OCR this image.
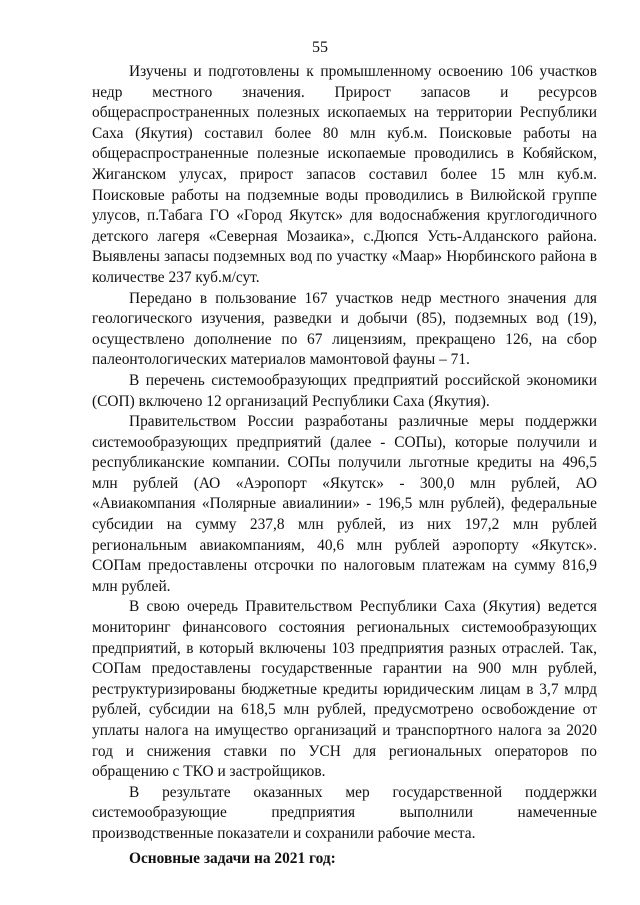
55

Изучены и подготовлены к промышленному освоению 106 участков недр местного значения. Прирост запасов и ресурсов общераспространенных полезных ископаемых на территории Республики Саха (Якутия) составил более 80 млн куб.м. Поисковые работы на общераспространенные полезные ископаемые проводились в Кобяйском, Жиганском улусах, прирост запасов составил более 15 млн куб.м. Поисковые работы на подземные воды проводились в Вилюйской группе улусов, п.Табага ГО «Город Якутск» для водоснабжения круглогодичного детского лагеря «Северная Мозаика», с.Дюпся Усть-Алданского района. Выявлены запасы подземных вод по участку «Маар» Нюрбинского района в количестве 237 куб.м/сут.

Передано в пользование 167 участков недр местного значения для геологического изучения, разведки и добычи (85), подземных вод (19), осуществлено дополнение по 67 лицензиям, прекращено 126, на сбор палеонтологических материалов мамонтовой фауны – 71.

В перечень системообразующих предприятий российской экономики (СОП) включено 12 организаций Республики Саха (Якутия).

Правительством России разработаны различные меры поддержки системообразующих предприятий (далее - СОПы), которые получили и республиканские компании. СОПы получили льготные кредиты на 496,5 млн рублей (АО «Аэропорт «Якутск» - 300,0 млн рублей, АО «Авиакомпания «Полярные авиалинии» - 196,5 млн рублей), федеральные субсидии на сумму 237,8 млн рублей, из них 197,2 млн рублей региональным авиакомпаниям, 40,6 млн рублей аэропорту «Якутск». СОПам предоставлены отсрочки по налоговым платежам на сумму 816,9 млн рублей.

В свою очередь Правительством Республики Саха (Якутия) ведется мониторинг финансового состояния региональных системообразующих предприятий, в который включены 103 предприятия разных отраслей. Так, СОПам предоставлены государственные гарантии на 900 млн рублей, реструктуризированы бюджетные кредиты юридическим лицам в 3,7 млрд рублей, субсидии на 618,5 млн рублей, предусмотрено освобождение от уплаты налога на имущество организаций и транспортного налога за 2020 год и снижения ставки по УСН для региональных операторов по обращению с ТКО и застройщиков.

В результате оказанных мер государственной поддержки системообразующие предприятия выполнили намеченные производственные показатели и сохранили рабочие места.

Основные задачи на 2021 год:
